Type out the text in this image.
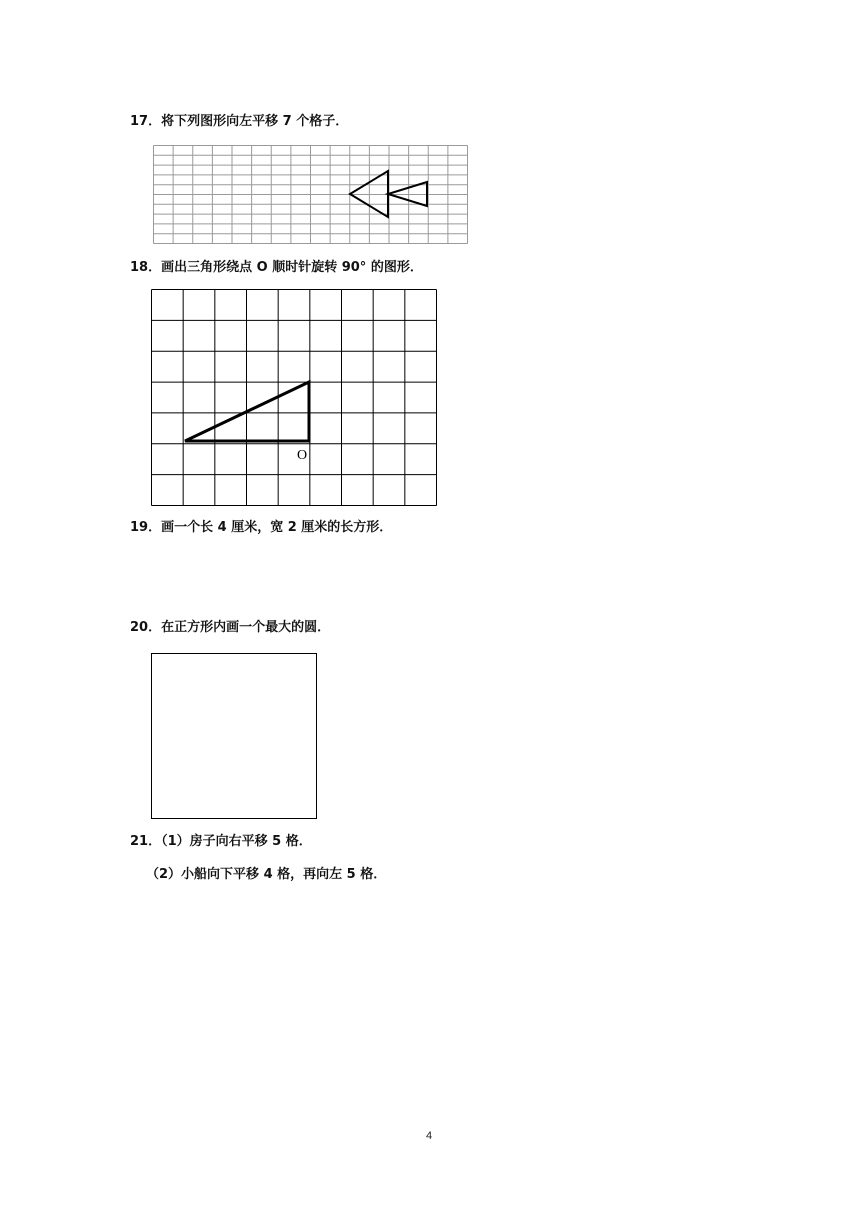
17．将下列图形向左平移 7 个格子．
18．画出三角形绕点 O 顺时针旋转 90° 的图形．
O
19．画一个长 4 厘米，宽 2 厘米的长方形．
20．在正方形内画一个最大的圆．
21．（1）房子向右平移 5 格．
（2）小船向下平移 4 格，再向左 5 格．
4
